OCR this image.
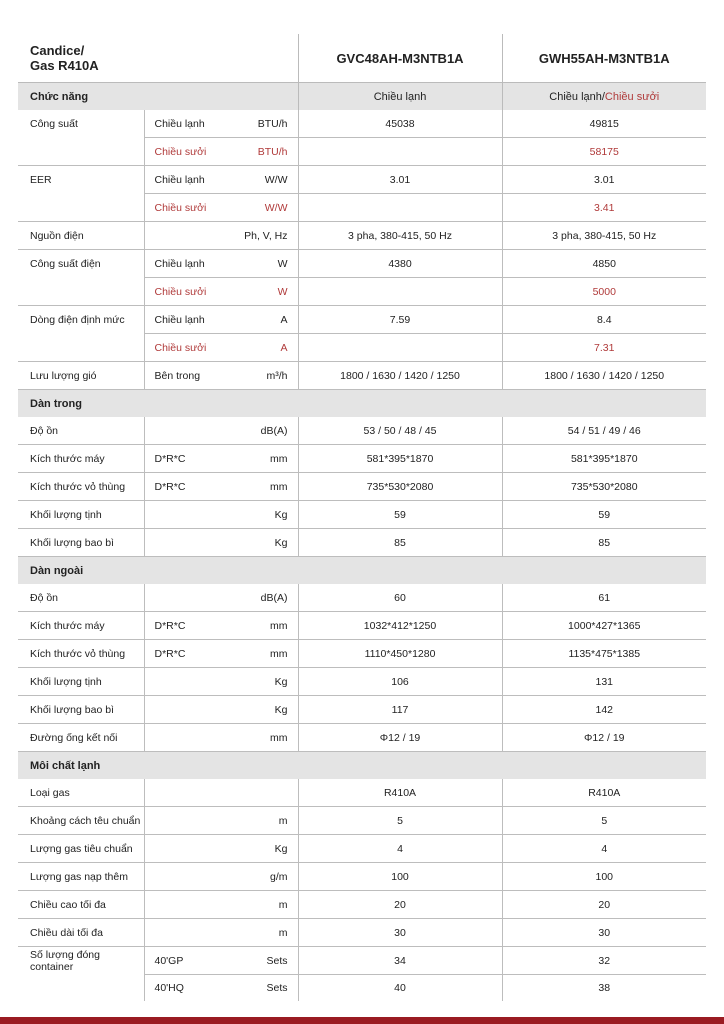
Candice/
Gas R410A			GVC48AH-M3NTB1A	GWH55AH-M3NTB1A
Chức năng			Chiều lạnh	Chiều lạnh/Chiều sưởi
Công suất	Chiều lạnh	BTU/h	45038	49815
	Chiều sưởi	BTU/h		58175
EER	Chiều lạnh	W/W	3.01	3.01
	Chiều sưởi	W/W		3.41
Nguồn điện		Ph, V, Hz	3 pha, 380-415, 50 Hz	3 pha, 380-415, 50 Hz
Công suất điện	Chiều lạnh	W	4380	4850
	Chiều sưởi	W		5000
Dòng điện định mức	Chiều lạnh	A	7.59	8.4
	Chiều sưởi	A		7.31
Lưu lượng gió	Bên trong	m³/h	1800 / 1630 / 1420 / 1250	1800 / 1630 / 1420 / 1250
Dàn trong				
Độ ồn		dB(A)	53 / 50 / 48 / 45	54 / 51 / 49 / 46
Kích thước máy	D*R*C	mm	581*395*1870	581*395*1870
Kích thước vỏ thùng	D*R*C	mm	735*530*2080	735*530*2080
Khối lượng tịnh		Kg	59	59
Khối lượng bao bì		Kg	85	85
Dàn ngoài				
Độ ồn		dB(A)	60	61
Kích thước máy	D*R*C	mm	1032*412*1250	1000*427*1365
Kích thước vỏ thùng	D*R*C	mm	1110*450*1280	1135*475*1385
Khối lượng tịnh		Kg	106	131
Khối lượng bao bì		Kg	117	142
Đường ống kết nối		mm	Φ12 / 19	Φ12 / 19
Môi chất lạnh				
Loại gas			R410A	R410A
Khoảng cách têu chuẩn		m	5	5
Lượng gas tiêu chuẩn		Kg	4	4
Lượng gas nạp thêm		g/m	100	100
Chiều cao tối đa		m	20	20
Chiều dài tối đa		m	30	30
Số lượng đóng container	40'GP	Sets	34	32
	40'HQ	Sets	40	38
